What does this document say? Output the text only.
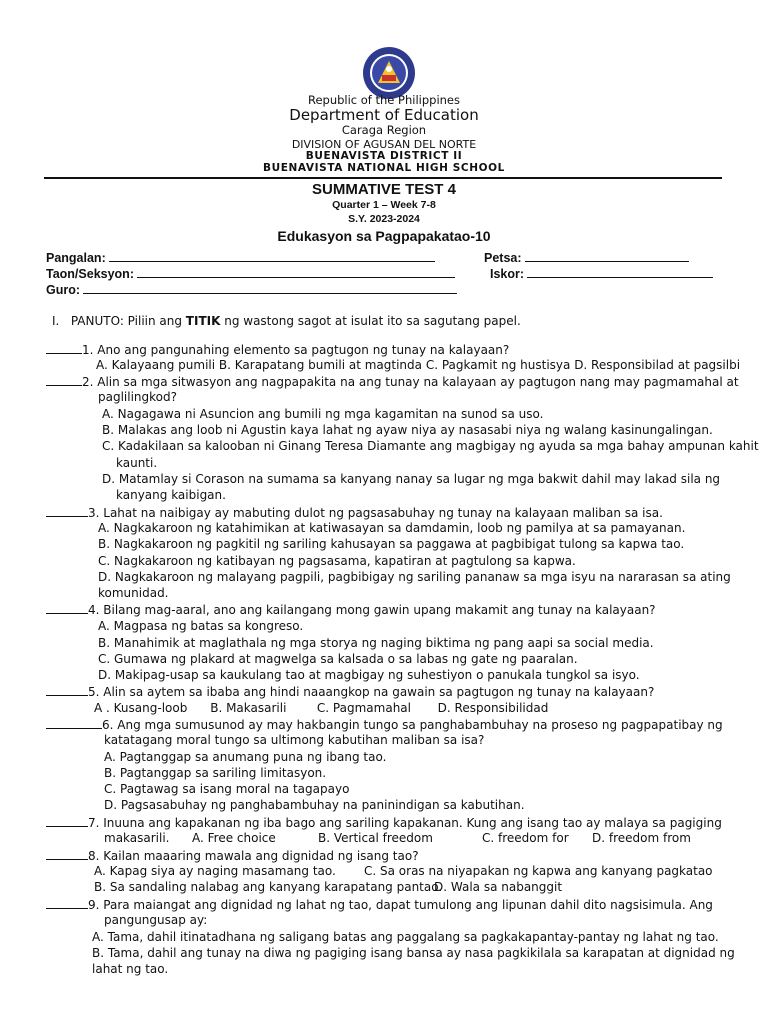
Republic of the Philippines
Department of Education
Caraga Region
DIVISION OF AGUSAN DEL NORTE
BUENAVISTA DISTRICT II
BUENAVISTA NATIONAL HIGH SCHOOL
SUMMATIVE TEST 4
Quarter 1 – Week 7-8
S.Y. 2023-2024
Edukasyon sa Pagpapakatao-10
Pangalan:	Petsa:
Taon/Seksyon:	Iskor:
Guro:
I. PANUTO: Piliin ang TITIK ng wastong sagot at isulat ito sa sagutang papel.
1. Ano ang pangunahing elemento sa pagtugon ng tunay na kalayaan?
A. Kalayaang pumili B. Karapatang bumili at magtinda C. Pagkamit ng hustisya D. Responsibilad at pagsilbi
2. Alin sa mga sitwasyon ang nagpapakita na ang tunay na kalayaan ay pagtugon nang may pagmamahal at
paglilingkod?
A. Nagagawa ni Asuncion ang bumili ng mga kagamitan na sunod sa uso.
B. Malakas ang loob ni Agustin kaya lahat ng ayaw niya ay nasasabi niya ng walang kasinungalingan.
C. Kadakilaan sa kalooban ni Ginang Teresa Diamante ang magbigay ng ayuda sa mga bahay ampunan kahit
kaunti.
D. Matamlay si Corason na sumama sa kanyang nanay sa lugar ng mga bakwit dahil may lakad sila ng
kanyang kaibigan.
3. Lahat na naibigay ay mabuting dulot ng pagsasabuhay ng tunay na kalayaan maliban sa isa.
A. Nagkakaroon ng katahimikan at katiwasayan sa damdamin, loob ng pamilya at sa pamayanan.
B. Nagkakaroon ng pagkitil ng sariling kahusayan sa paggawa at pagbibigat tulong sa kapwa tao.
C. Nagkakaroon ng katibayan ng pagsasama, kapatiran at pagtulong sa kapwa.
D. Nagkakaroon ng malayang pagpili, pagbibigay ng sariling pananaw sa mga isyu na nararasan sa ating
komunidad.
4. Bilang mag-aaral, ano ang kailangang mong gawin upang makamit ang tunay na kalayaan?
A. Magpasa ng batas sa kongreso.
B. Manahimik at maglathala ng mga storya ng naging biktima ng pang aapi sa social media.
C. Gumawa ng plakard at magwelga sa kalsada o sa labas ng gate ng paaralan.
D. Makipag-usap sa kaukulang tao at magbigay ng suhestiyon o panukala tungkol sa isyo.
5. Alin sa aytem sa ibaba ang hindi naaangkop na gawain sa pagtugon ng tunay na kalayaan?
A . Kusang-loob      B. Makasarili        C. Pagmamahal       D. Responsibilidad
6. Ang mga sumusunod ay may hakbangin tungo sa panghabambuhay na proseso ng pagpapatibay ng
katatagang moral tungo sa ultimong kabutihan maliban sa isa?
A. Pagtanggap sa anumang puna ng ibang tao.
B. Pagtanggap sa sariling limitasyon.
C. Pagtawag sa isang moral na tagapayo
D. Pagsasabuhay ng panghabambuhay na paninindigan sa kabutihan.
7. Inuuna ang kapakanan ng iba bago ang sariling kapakanan. Kung ang isang tao ay malaya sa pagiging
makasarili. A. Free choice	B. Vertical freedom	C. freedom for D. freedom from
8. Kailan maaaring mawala ang dignidad ng isang tao?
A. Kapag siya ay naging masamang tao. C. Sa oras na niyapakan ng kapwa ang kanyang pagkatao
B. Sa sandaling nalabag ang kanyang karapatang pantao.
D. Wala sa nabanggit
9. Para maiangat ang dignidad ng lahat ng tao, dapat tumulong ang lipunan dahil dito nagsisimula. Ang
pangungusap ay:
A. Tama, dahil itinatadhana ng saligang batas ang paggalang sa pagkakapantay-pantay ng lahat ng tao.
B. Tama, dahil ang tunay na diwa ng pagiging isang bansa ay nasa pagkikilala sa karapatan at dignidad ng
lahat ng tao.
